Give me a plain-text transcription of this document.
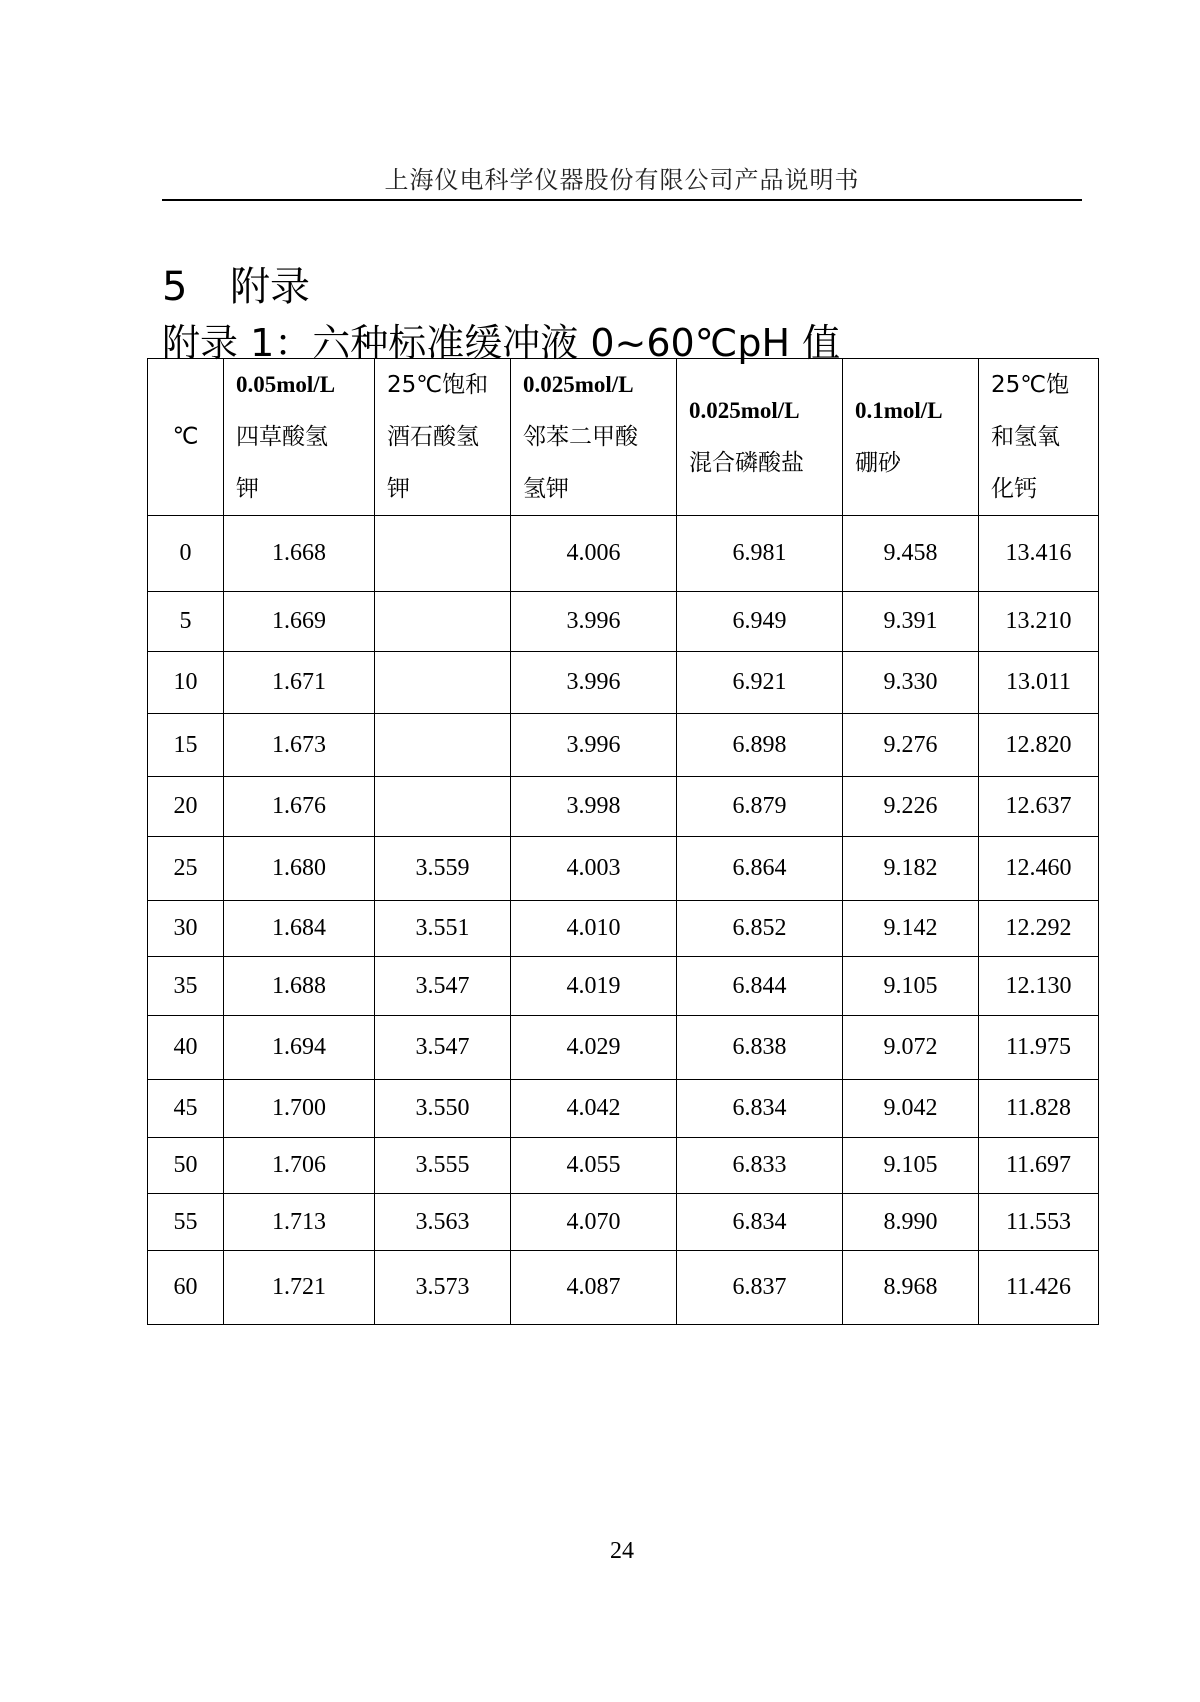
上海仪电科学仪器股份有限公司产品说明书
5 附录
附录 1：六种标准缓冲液 0~60℃pH 值
℃	0.05mol/L
四草酸氢
钾	25℃饱和
酒石酸氢
钾	0.025mol/L
邻苯二甲酸
氢钾	0.025mol/L
混合磷酸盐	0.1mol/L
硼砂	25℃饱
和氢氧
化钙

0	1.668		4.006	6.981	9.458	13.416
5	1.669		3.996	6.949	9.391	13.210
10	1.671		3.996	6.921	9.330	13.011
15	1.673		3.996	6.898	9.276	12.820
20	1.676		3.998	6.879	9.226	12.637
25	1.680	3.559	4.003	6.864	9.182	12.460
30	1.684	3.551	4.010	6.852	9.142	12.292
35	1.688	3.547	4.019	6.844	9.105	12.130
40	1.694	3.547	4.029	6.838	9.072	11.975
45	1.700	3.550	4.042	6.834	9.042	11.828
50	1.706	3.555	4.055	6.833	9.105	11.697
55	1.713	3.563	4.070	6.834	8.990	11.553
60	1.721	3.573	4.087	6.837	8.968	11.426
24
